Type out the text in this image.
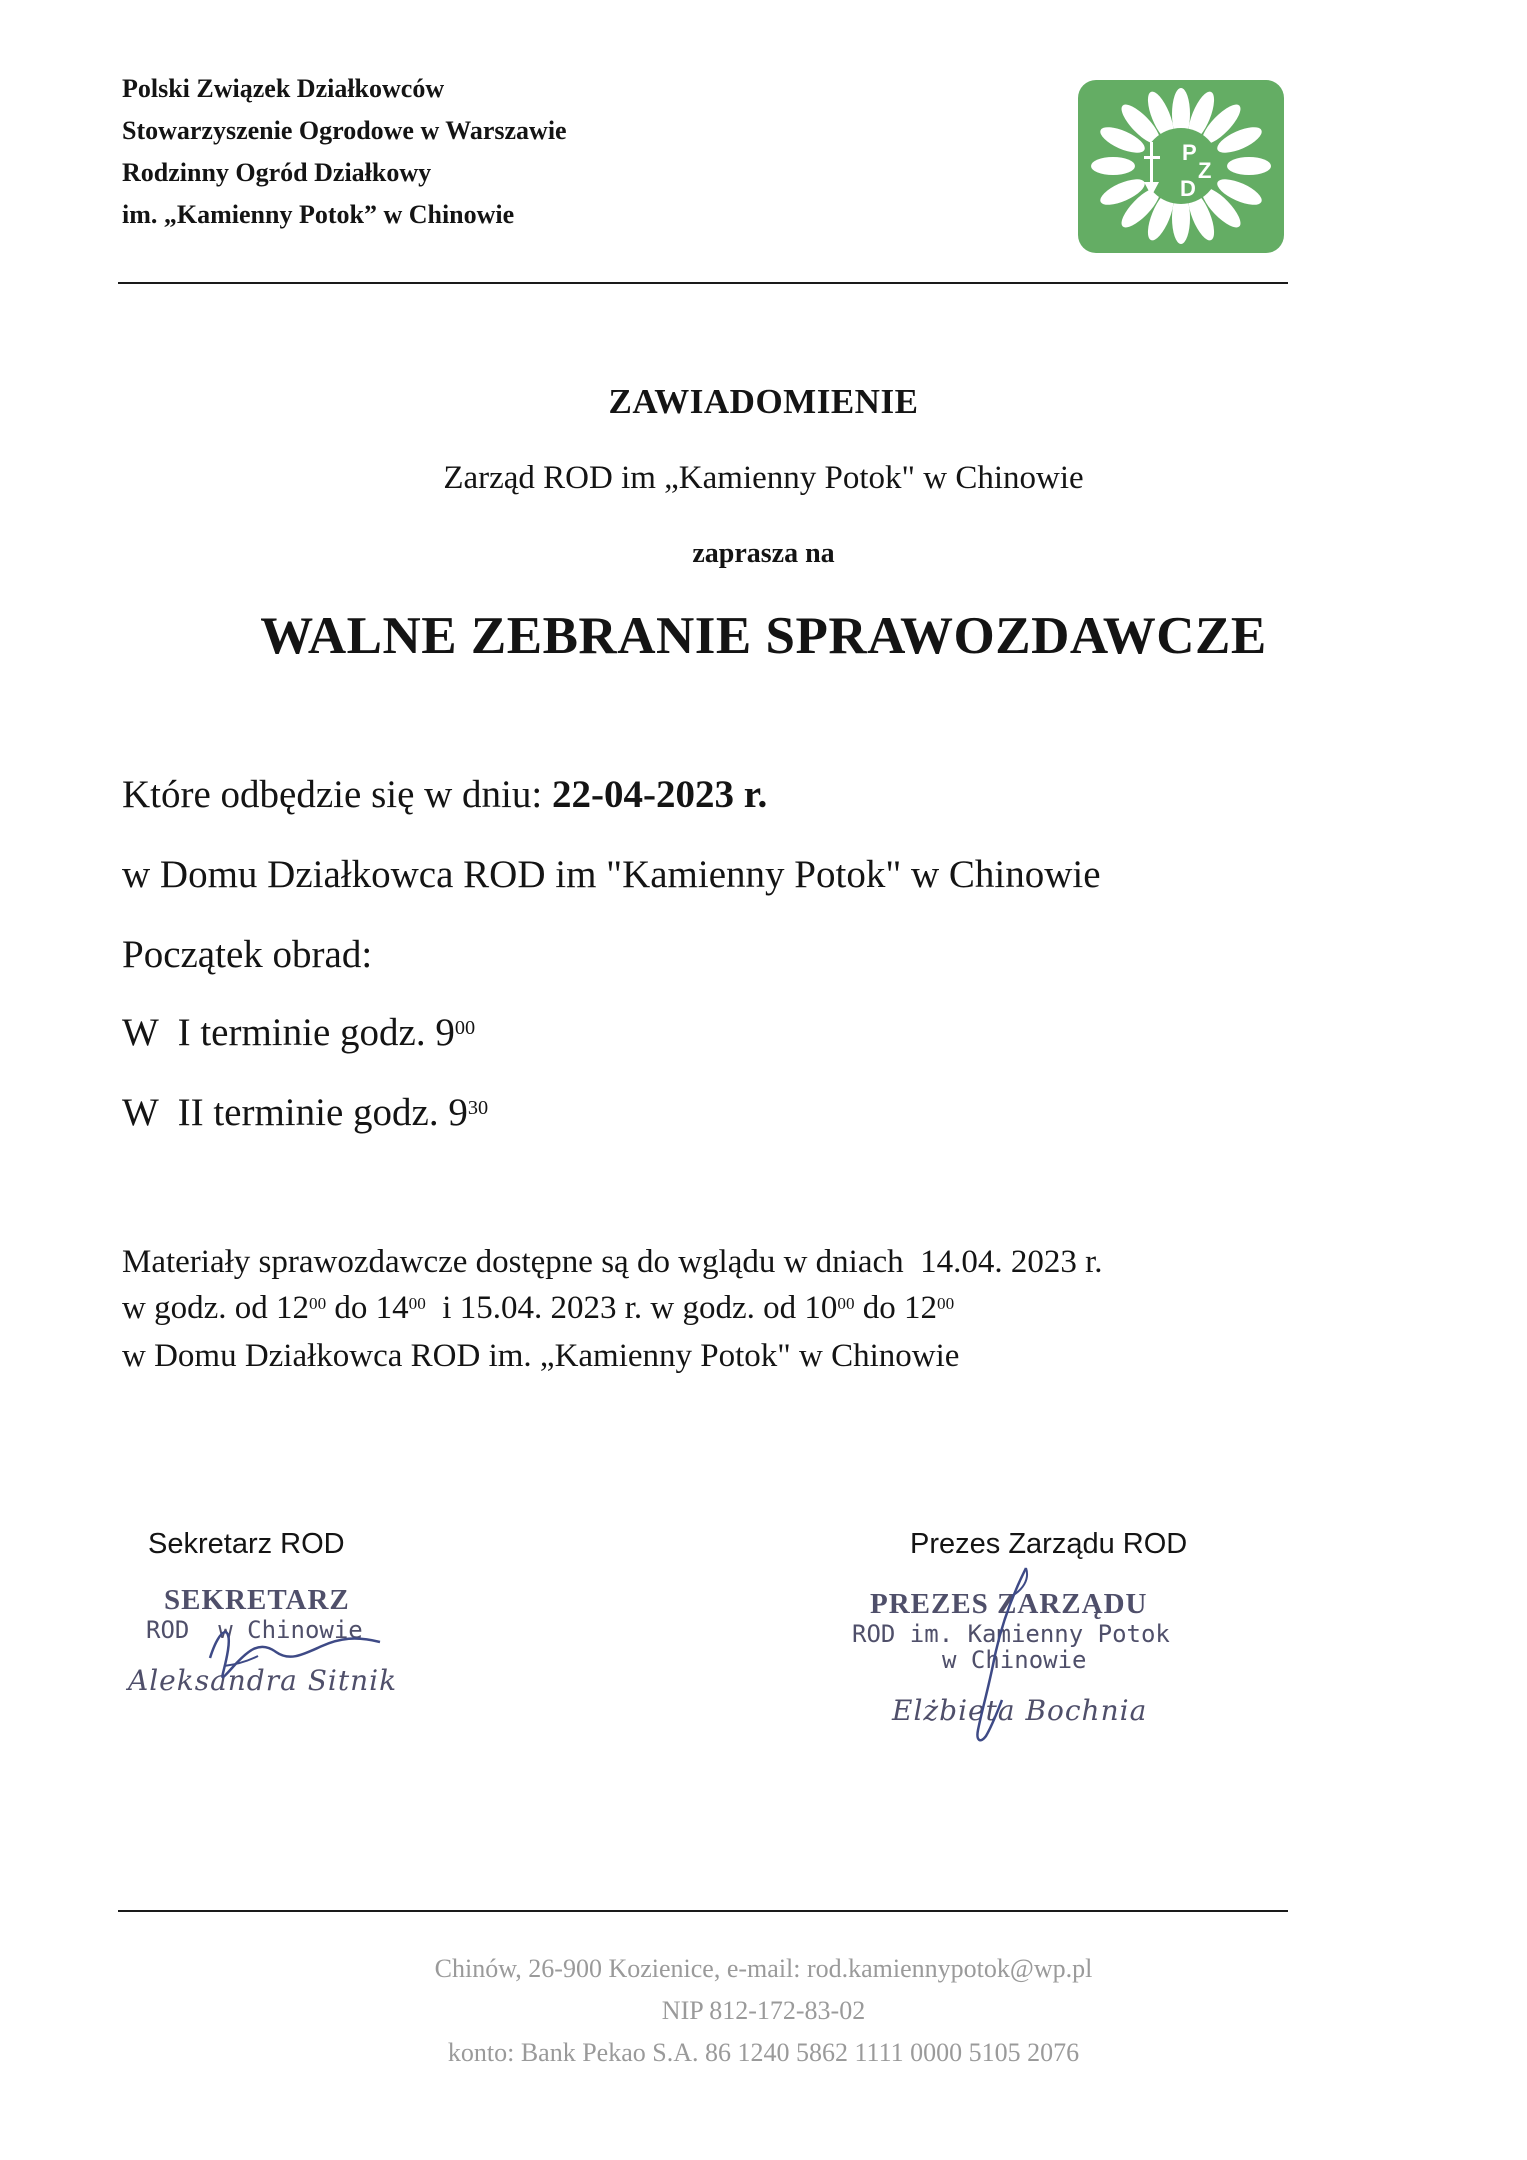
Polski Związek Działkowców
Stowarzyszenie Ogrodowe w Warszawie
Rodzinny Ogród Działkowy
im. „Kamienny Potok” w Chinowie
P
Z
D
ZAWIADOMIENIE
Zarząd ROD im „Kamienny Potok" w Chinowie
zaprasza na
WALNE ZEBRANIE SPRAWOZDAWCZE
Które odbędzie się w dniu: 22-04-2023 r.
w Domu Działkowca ROD im "Kamienny Potok" w Chinowie
Początek obrad:
W  I terminie godz. $9^{00}$
W  II terminie godz. $9^{30}$
Materiały sprawozdawcze dostępne są do wglądu w dniach  14.04. 2023 r.
w godz. od $12^{00}$ do $14^{00}$  i 15.04. 2023 r. w godz. od $10^{00}$ do $12^{00}$
w Domu Działkowca ROD im. „Kamienny Potok" w Chinowie
Sekretarz ROD
SEKRETARZ
ROD  w Chinowie
Aleksandra Sitnik
Prezes Zarządu ROD
PREZES ZARZĄDU
ROD im. Kamienny Potok
w Chinowie
Elżbieta Bochnia
Chinów, 26-900 Kozienice, e-mail: rod.kamiennypotok@wp.pl
NIP 812-172-83-02
konto: Bank Pekao S.A. 86 1240 5862 1111 0000 5105 2076
